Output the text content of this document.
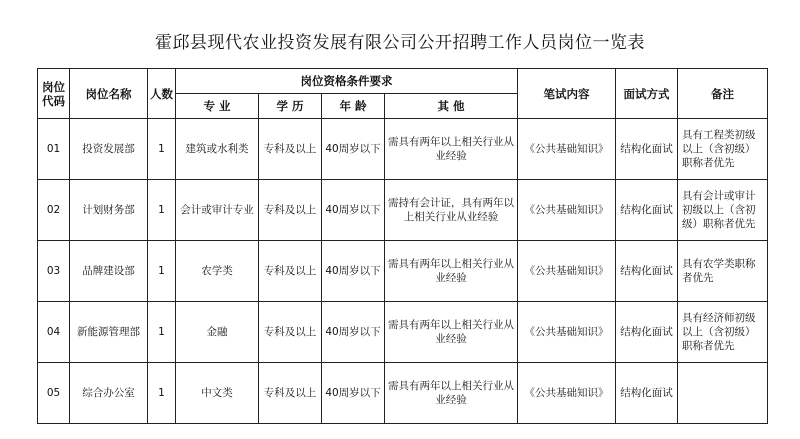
霍邱县现代农业投资发展有限公司公开招聘工作人员岗位一览表
岗位代码	岗位名称	人数	岗位资格条件要求				笔试内容	面试方式	备注
			专 业	学 历	年 龄	其 他			
01	投资发展部	1	建筑或水利类	专科及以上	40周岁以下	需具有两年以上相关行业从业经验	《公共基础知识》	结构化面试	具有工程类初级以上（含初级）职称者优先
02	计划财务部	1	会计或审计专业	专科及以上	40周岁以下	需持有会计证，具有两年以上相关行业从业经验	《公共基础知识》	结构化面试	具有会计或审计初级以上（含初级）职称者优先
03	品牌建设部	1	农学类	专科及以上	40周岁以下	需具有两年以上相关行业从业经验	《公共基础知识》	结构化面试	具有农学类职称者优先
04	新能源管理部	1	金融	专科及以上	40周岁以下	需具有两年以上相关行业从业经验	《公共基础知识》	结构化面试	具有经济师初级以上（含初级）职称者优先
05	综合办公室	1	中文类	专科及以上	40周岁以下	需具有两年以上相关行业从业经验	《公共基础知识》	结构化面试	
